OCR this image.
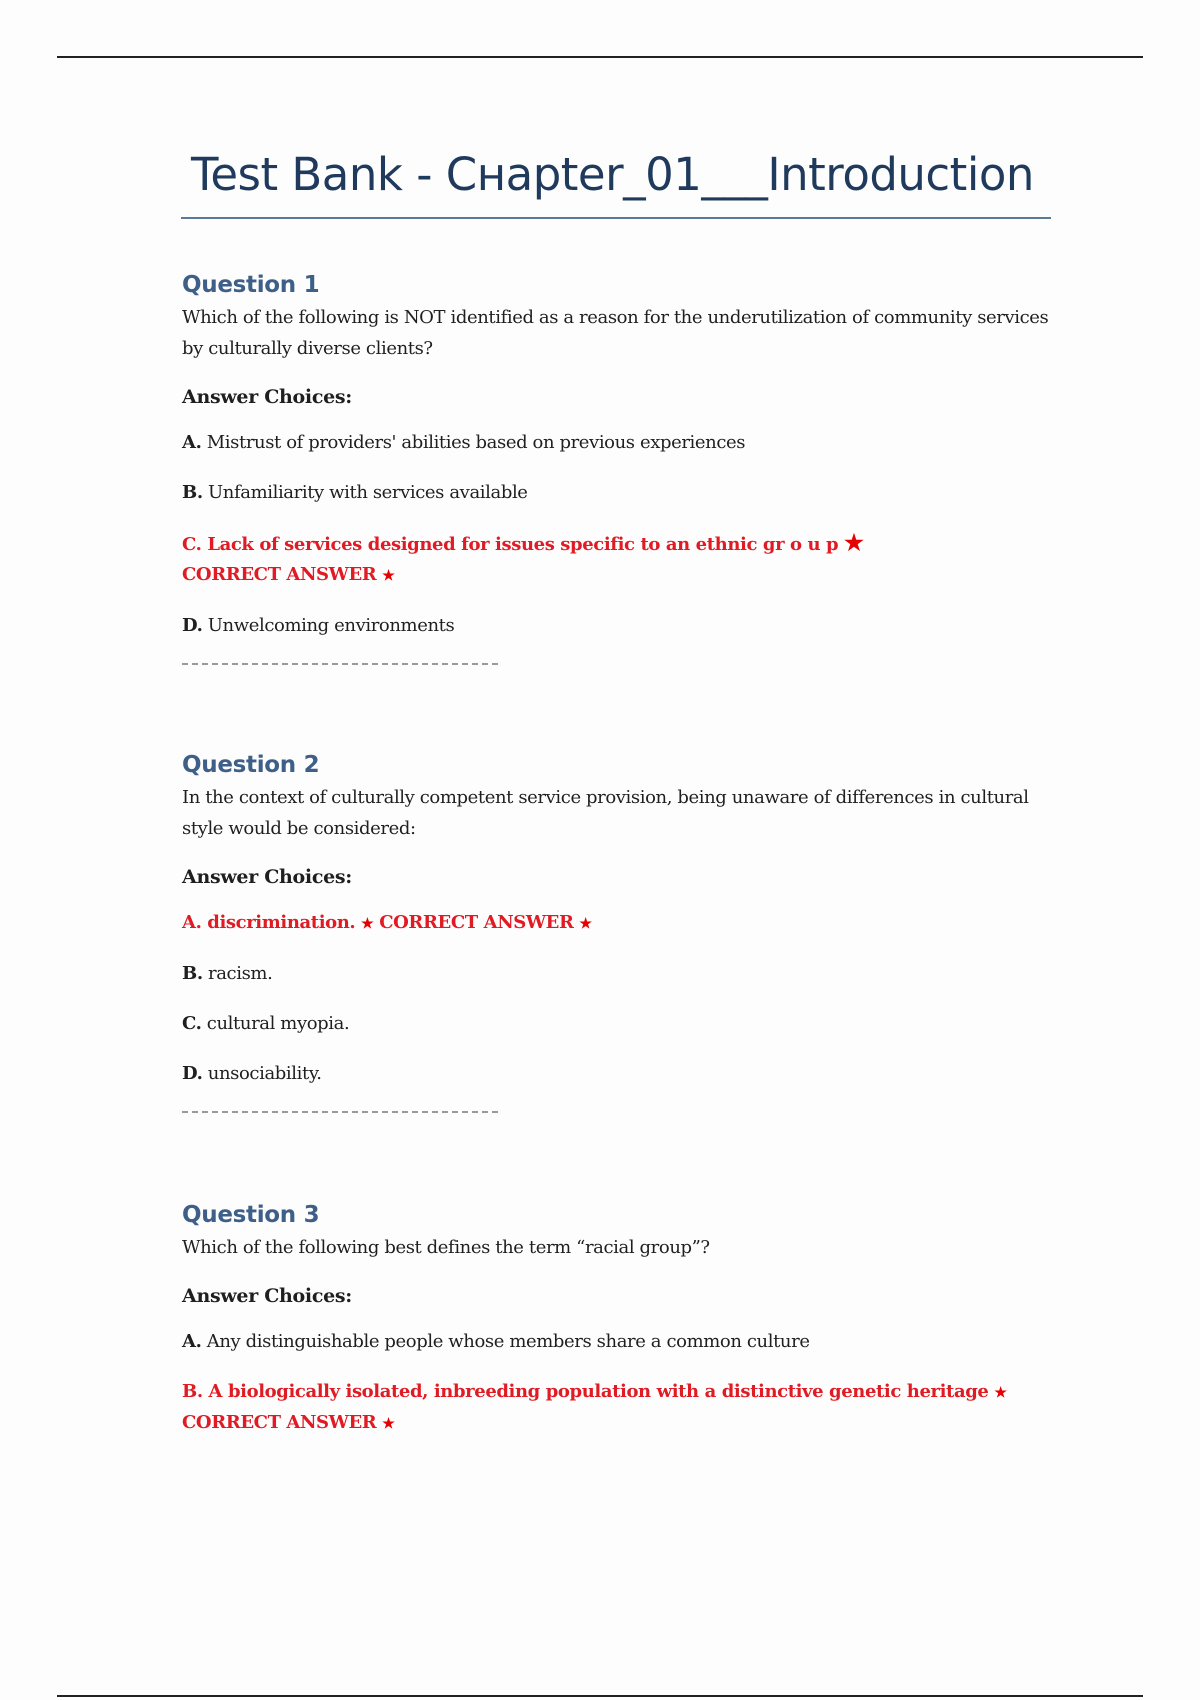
Test Bank - Cнapter_01___Introduction
Question 1

Which of the following is NOT identified as a reason for the underutilization of community services by culturally diverse clients?

Answer Choices:

A. Mistrust of providers' abilities based on previous experiences

B. Unfamiliarity with services available

C. Lack of services designed for issues specific to an ethnic gr o u p ★
CORRECT ANSWER ★

D. Unwelcoming environments

Question 2

In the context of culturally competent service provision, being unaware of differences in cultural style would be considered:

Answer Choices:

A. discrimination. ★ CORRECT ANSWER ★

B. racism.

C. cultural myopia.

D. unsociability.

Question 3

Which of the following best defines the term “racial group”?

Answer Choices:

A. Any distinguishable people whose members share a common culture

B. A biologically isolated, inbreeding population with a distinctive genetic heritage ★
CORRECT ANSWER ★
